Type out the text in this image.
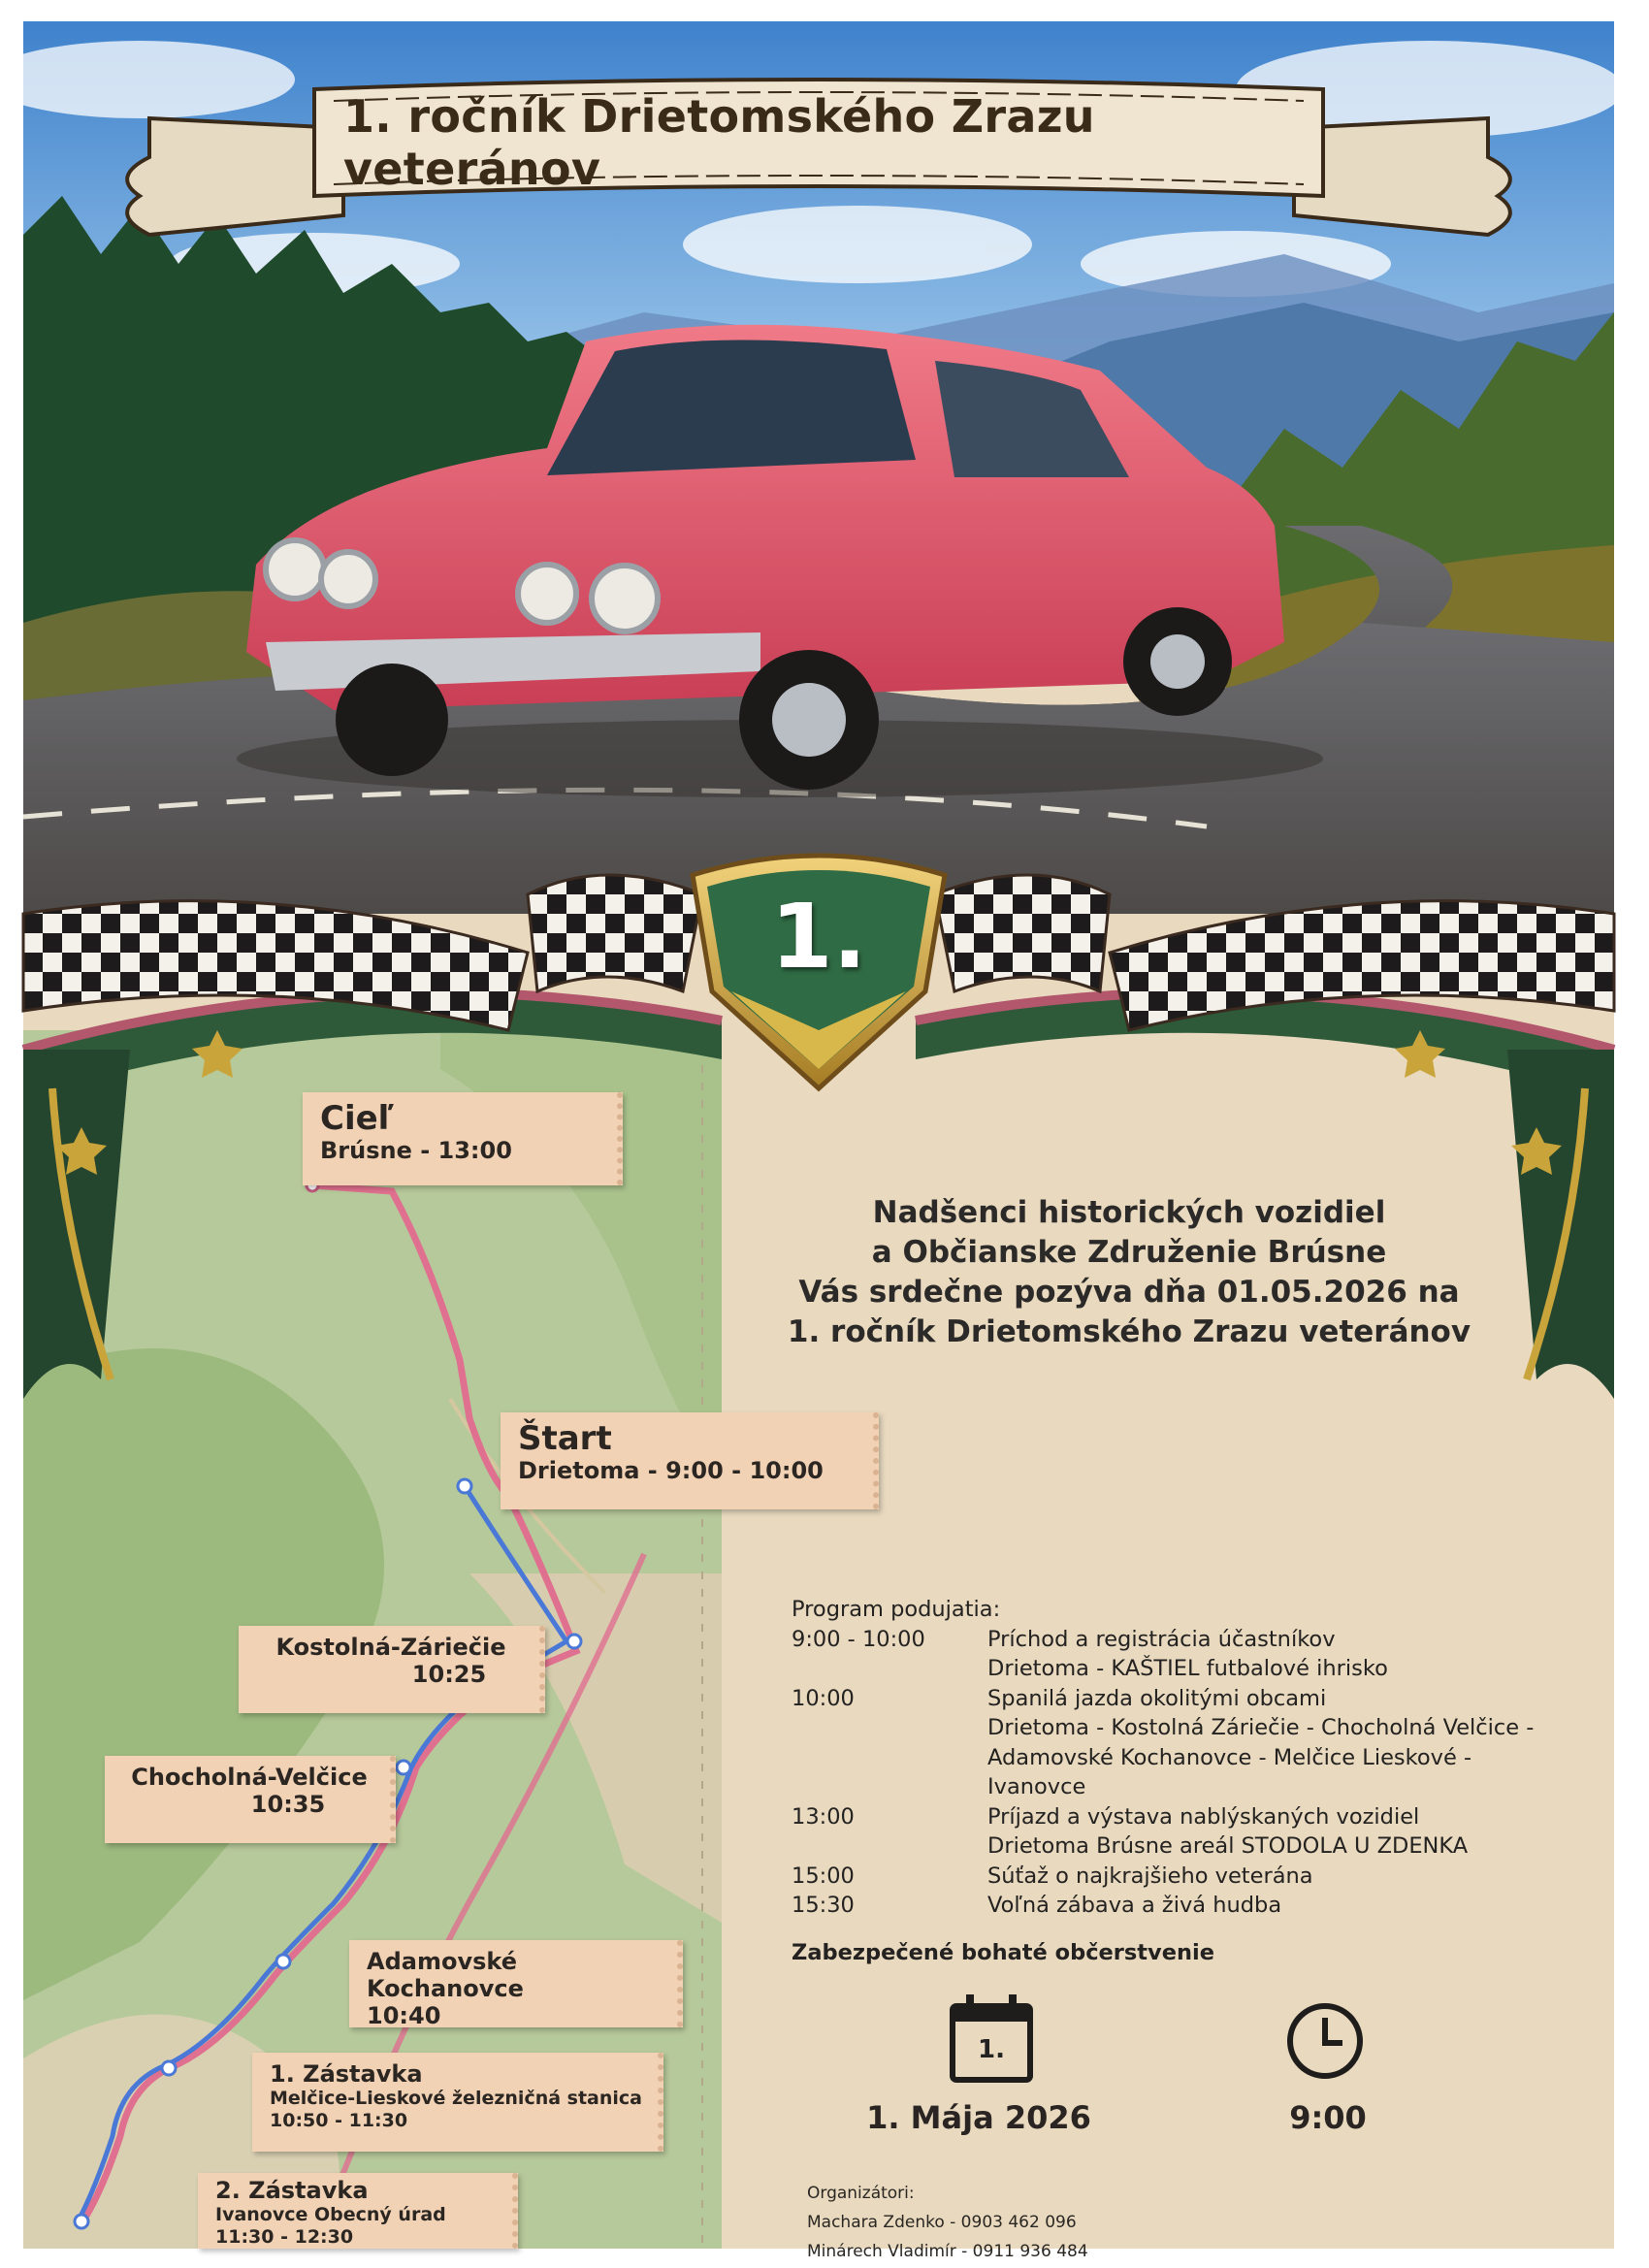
1. ročník Drietomského Zrazu veteránov
1.
Nadšenci historických vozidiel
a Občianske Združenie Brúsne
Vás srdečne pozýva dňa 01.05.2026 na
1. ročník Drietomského Zrazu veteránov
Cieľ
Brúsne - 13:00
Štart
Drietoma - 9:00 - 10:00
Kostolná-Záriečie
10:25
Chocholná-Velčice
10:35
Adamovské Kochanovce
10:40
1. Zástavka
Melčice-Lieskové železničná stanica
10:50 - 11:30
2. Zástavka
Ivanovce Obecný úrad
11:30 - 12:30
Program podujatia:
9:00 - 10:00	Príchod a registrácia účastníkov
Drietoma - KAŠTIEL futbalové ihrisko
10:00	Spanilá jazda okolitými obcami
Drietoma - Kostolná Záriečie - Chocholná Velčice -
Adamovské Kochanovce - Melčice Lieskové -
Ivanovce
13:00	Príjazd a výstava nablýskaných vozidiel
Drietoma Brúsne areál STODOLA U ZDENKA
15:00	Súťaž o najkrajšieho veterána
15:30	Voľná zábava a živá hudba
Zabezpečené bohaté občerstvenie
1.
1. Mája 2026	9:00
Organizátori:
Machara Zdenko - 0903 462 096
Minárech Vladimír - 0911 936 484
